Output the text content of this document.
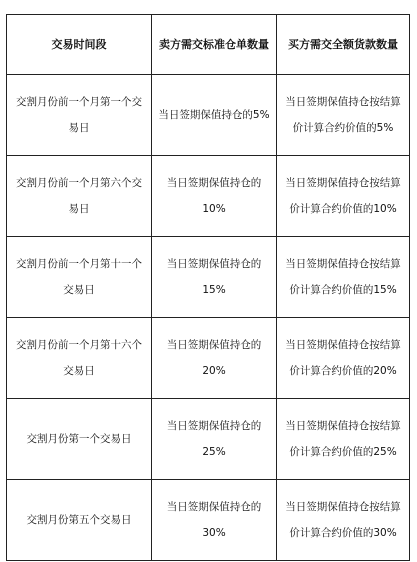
交易时间段	卖方需交标准仓单数量	买方需交全额货款数量

交割月份前一个月第一个交易日	当日签期保值持仓的5%	当日签期保值持仓按结算价计算合约价值的5%

交割月份前一个月第六个交易日	当日签期保值持仓的10%	当日签期保值持仓按结算价计算合约价值的10%

交割月份前一个月第十一个交易日	当日签期保值持仓的15%	当日签期保值持仓按结算价计算合约价值的15%

交割月份前一个月第十六个交易日	当日签期保值持仓的20%	当日签期保值持仓按结算价计算合约价值的20%

交割月份第一个交易日	当日签期保值持仓的25%	当日签期保值持仓按结算价计算合约价值的25%

交割月份第五个交易日	当日签期保值持仓的30%	当日签期保值持仓按结算价计算合约价值的30%
